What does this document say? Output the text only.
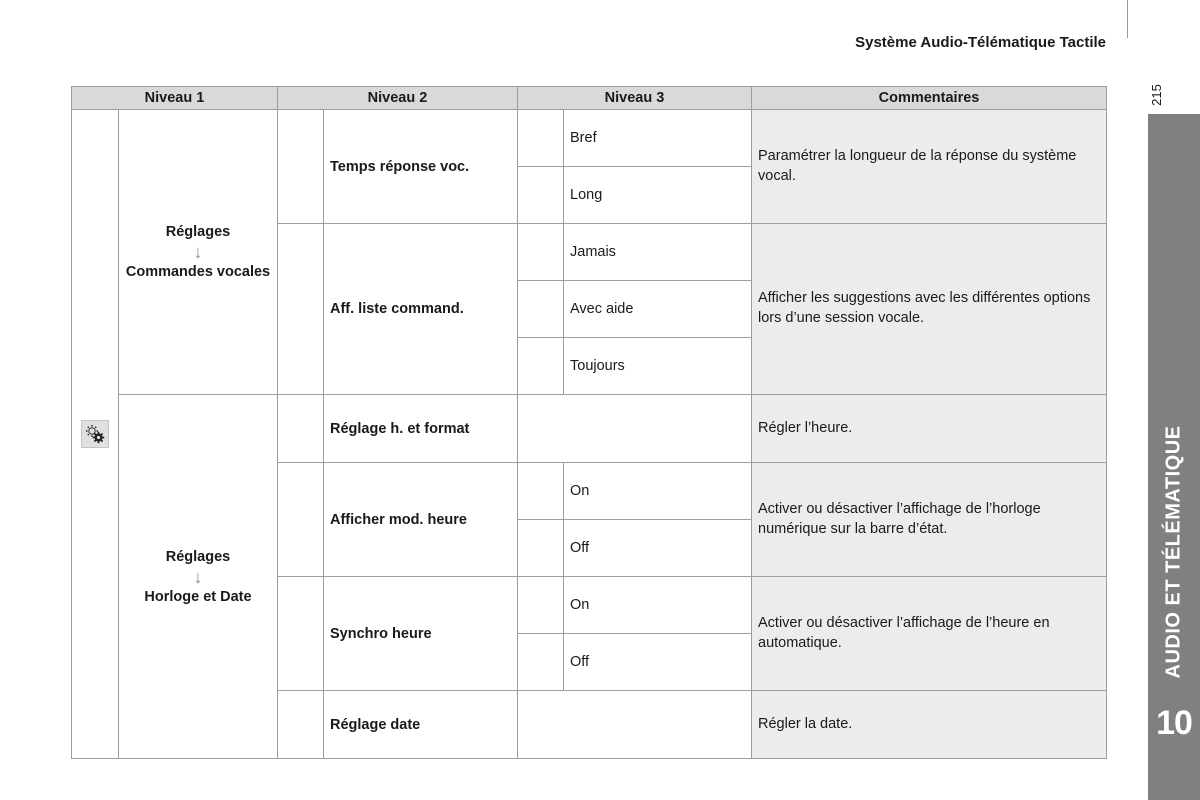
Système Audio-Télématique Tactile
215
AUDIO ET TÉLÉMATIQUE
10
Niveau 1		Niveau 2		Niveau 3		Commentaires
	Réglages
↓
Commandes vocales		Temps réponse voc.		Bref	Paramétrer la longueur de la réponse du système vocal.
					Long	
			Aff. liste command.		Jamais	Afficher les suggestions avec les différentes options lors d’une session vocale.
					Avec aide	
					Toujours	
	Réglages
↓
Horloge et Date		Réglage h. et format			Régler l’heure.
			Afficher mod. heure		On	Activer ou désactiver l’affichage de l’horloge numérique sur la barre d’état.
					Off	
			Synchro heure		On	Activer ou désactiver l’affichage de l’heure en automatique.
					Off	
			Réglage date			Régler la date.
